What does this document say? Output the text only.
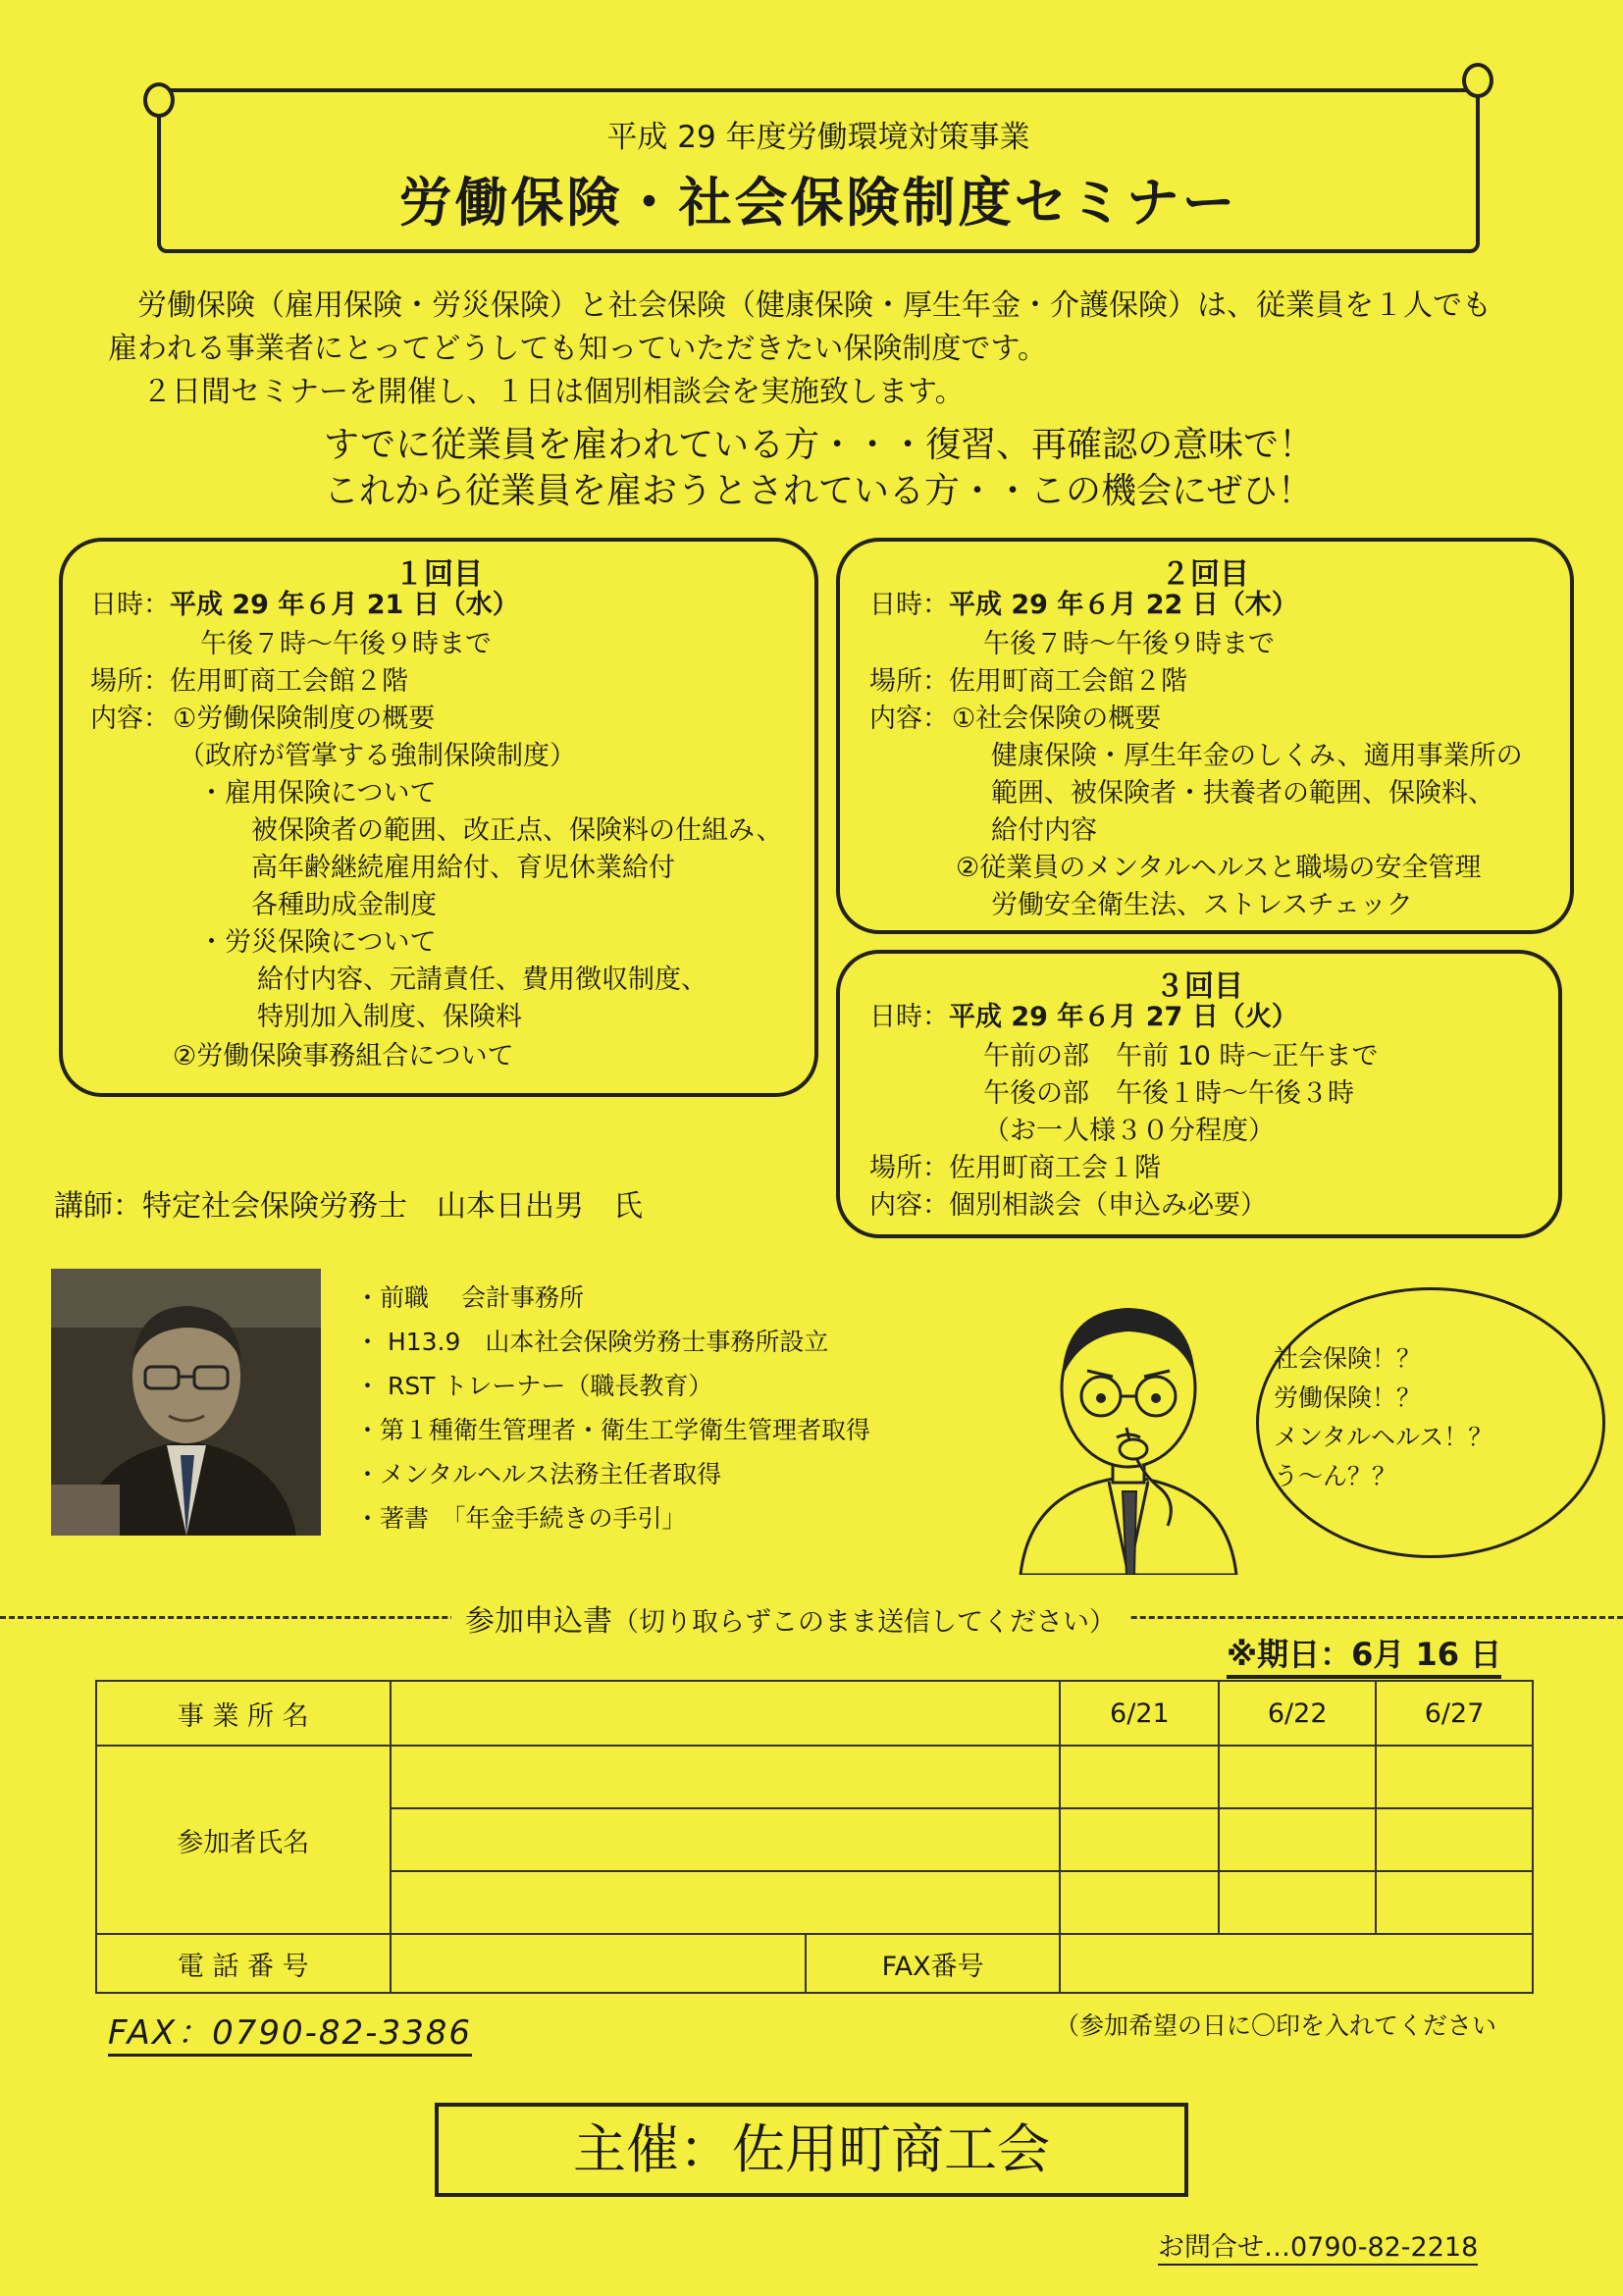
平成 29 年度労働環境対策事業
労働保険・社会保険制度セミナー
労働保険（雇用保険・労災保険）と社会保険（健康保険・厚生年金・介護保険）は、従業員を１人でも
雇われる事業者にとってどうしても知っていただきたい保険制度です。
２日間セミナーを開催し、１日は個別相談会を実施致します。
すでに従業員を雇われている方・・・復習、再確認の意味で！
これから従業員を雇おうとされている方・・この機会にぜひ！
１回目
日時：平成 29 年６月 21 日（水）
午後７時～午後９時まで
場所：佐用町商工会館２階
内容： ①労働保険制度の概要
（政府が管掌する強制保険制度）
・雇用保険について
被保険者の範囲、改正点、保険料の仕組み、
高年齢継続雇用給付、育児休業給付
各種助成金制度
・労災保険について
給付内容、元請責任、費用徴収制度、
特別加入制度、保険料
②労働保険事務組合について
２回目
日時：平成 29 年６月 22 日（木）
午後７時～午後９時まで
場所：佐用町商工会館２階
内容： ①社会保険の概要
健康保険・厚生年金のしくみ、適用事業所の
範囲、被保険者・扶養者の範囲、保険料、
給付内容
②従業員のメンタルヘルスと職場の安全管理
労働安全衛生法、ストレスチェック
３回目
日時：平成 29 年６月 27 日（火）
午前の部　午前 10 時～正午まで
午後の部　午後１時～午後３時
（お一人様３０分程度）
場所：佐用町商工会１階
内容：個別相談会（申込み必要）
講師：特定社会保険労務士　山本日出男　氏
・前職　 会計事務所
・ H13.9　山本社会保険労務士事務所設立
・ RST トレーナー（職長教育）
・第１種衛生管理者・衛生工学衛生管理者取得
・メンタルヘルス法務主任者取得
・著書　「年金手続きの手引」
社会保険！？
労働保険！？
メンタルヘルス！？
う～ん？？
参加申込書（切り取らずこのまま送信してください）
※期日：6月 16 日
事 業 所 名			6/21	6/22	6/27
参加者氏名					

電 話 番 号		FAX番号			
FAX：0790-82-3386	（参加希望の日に〇印を入れてください
主催：佐用町商工会
お問合せ…0790-82-2218
